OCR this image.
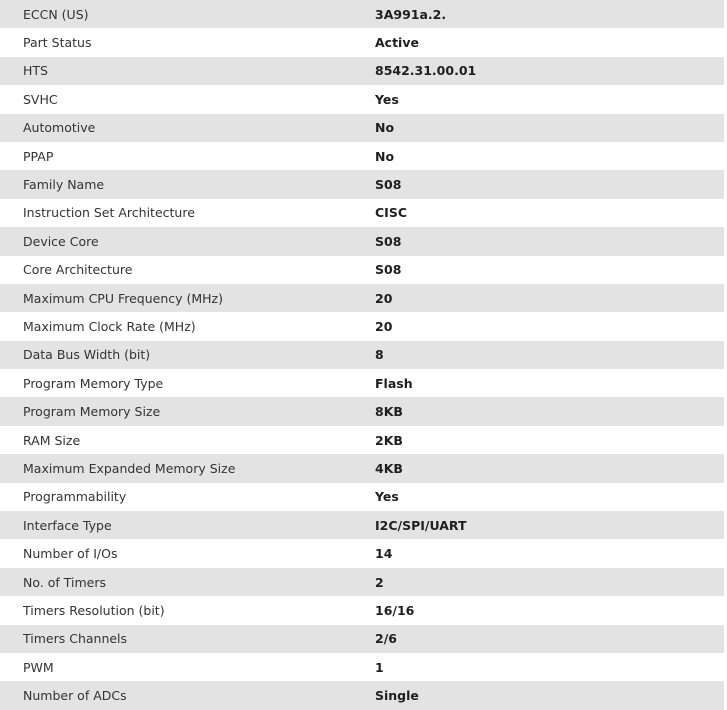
ECCN (US)	3A991a.2.
Part Status	Active
HTS	8542.31.00.01
SVHC	Yes
Automotive	No
PPAP	No
Family Name	S08
Instruction Set Architecture	CISC
Device Core	S08
Core Architecture	S08
Maximum CPU Frequency (MHz)	20
Maximum Clock Rate (MHz)	20
Data Bus Width (bit)	8
Program Memory Type	Flash
Program Memory Size	8KB
RAM Size	2KB
Maximum Expanded Memory Size	4KB
Programmability	Yes
Interface Type	I2C/SPI/UART
Number of I/Os	14
No. of Timers	2
Timers Resolution (bit)	16/16
Timers Channels	2/6
PWM	1
Number of ADCs	Single
